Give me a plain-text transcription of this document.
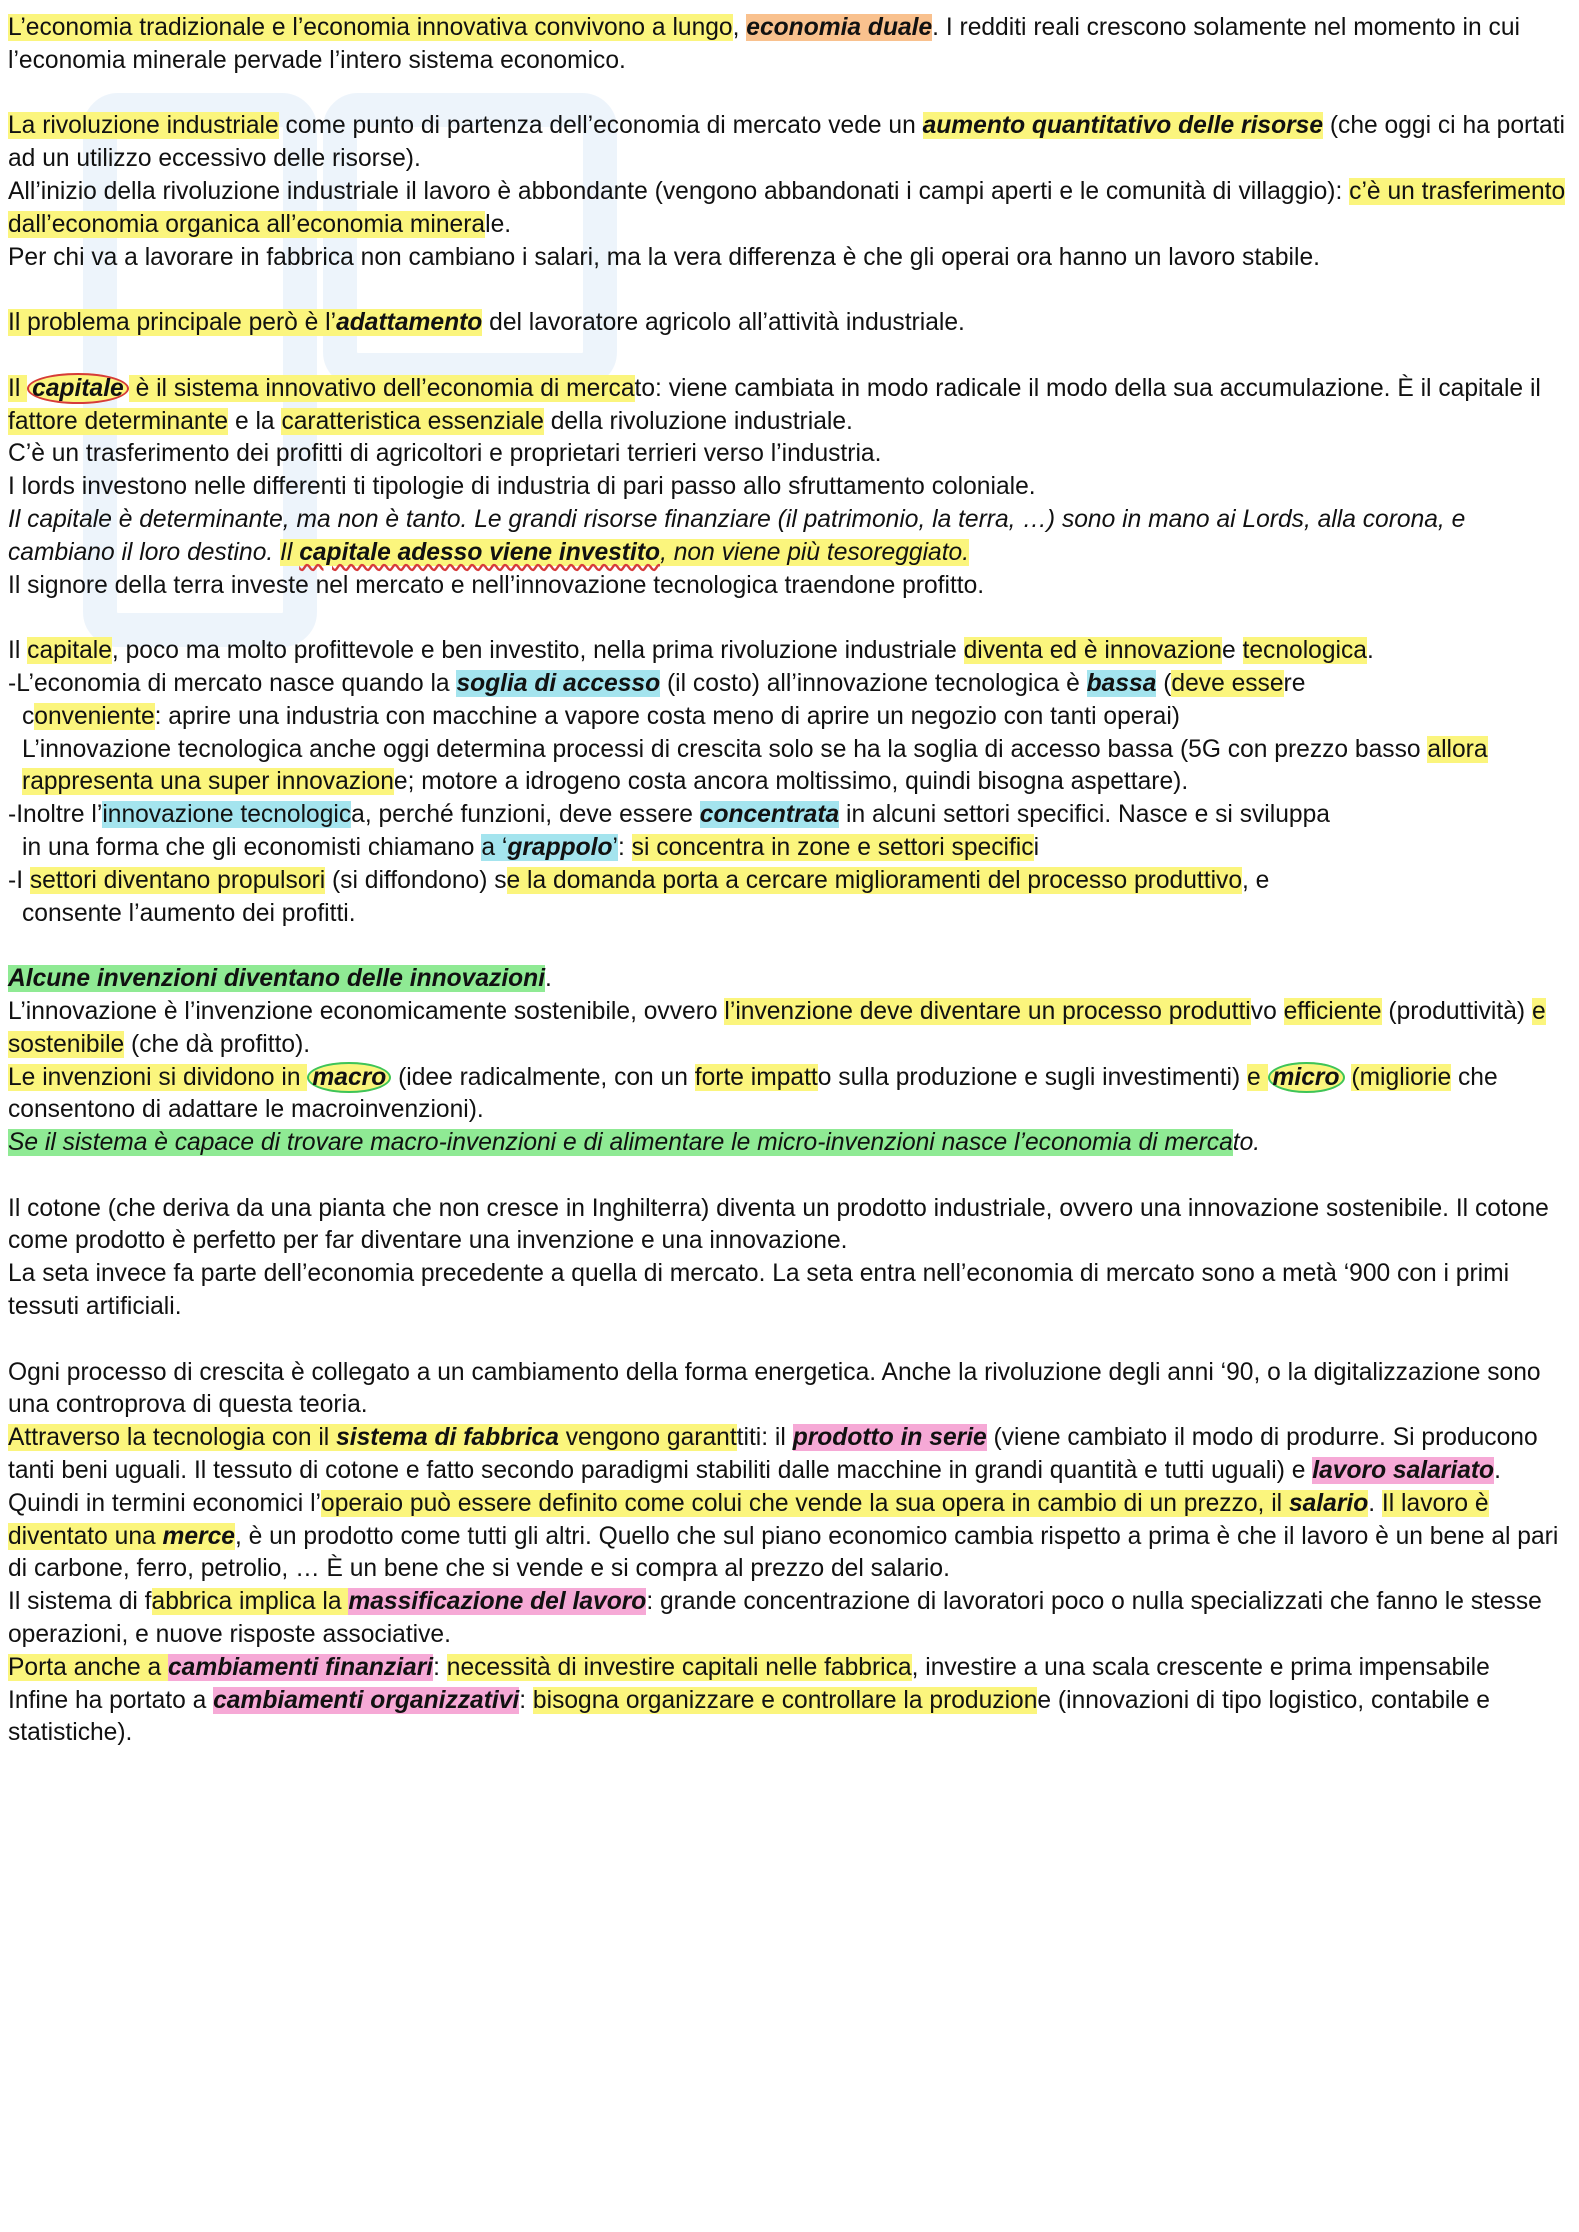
L’economia tradizionale e l’economia innovativa convivono a lungo, economia duale. I redditi reali crescono solamente nel momento in cui l’economia minerale pervade l’intero sistema economico.

La rivoluzione industriale come punto di partenza dell’economia di mercato vede un aumento quantitativo delle risorse (che oggi ci ha portati ad un utilizzo eccessivo delle risorse).

All’inizio della rivoluzione industriale il lavoro è abbondante (vengono abbandonati i campi aperti e le comunità di villaggio): c’è un trasferimento dall’economia organica all’economia minerale.

Per chi va a lavorare in fabbrica non cambiano i salari, ma la vera differenza è che gli operai ora hanno un lavoro stabile.

Il problema principale però è l’adattamento del lavoratore agricolo all’attività industriale.

Il capitale è il sistema innovativo dell’economia di mercato: viene cambiata in modo radicale il modo della sua accumulazione. È il capitale il fattore determinante e la caratteristica essenziale della rivoluzione industriale.

C’è un trasferimento dei profitti di agricoltori e proprietari terrieri verso l’industria.

I lords investono nelle differenti ti tipologie di industria di pari passo allo sfruttamento coloniale.

Il capitale è determinante, ma non è tanto. Le grandi risorse finanziare (il patrimonio, la terra, …) sono in mano ai Lords, alla corona, e cambiano il loro destino. Il capitale adesso viene investito, non viene più tesoreggiato.

Il signore della terra investe nel mercato e nell’innovazione tecnologica traendone profitto.

Il capitale, poco ma molto profittevole e ben investito, nella prima rivoluzione industriale diventa ed è innovazione tecnologica.

-L’economia di mercato nasce quando la soglia di accesso (il costo) all’innovazione tecnologica è bassa (deve essere

conveniente: aprire una industria con macchine a vapore costa meno di aprire un negozio con tanti operai)

L’innovazione tecnologica anche oggi determina processi di crescita solo se ha la soglia di accesso bassa (5G con prezzo basso allora rappresenta una super innovazione; motore a idrogeno costa ancora moltissimo, quindi bisogna aspettare).

-Inoltre l’innovazione tecnologica, perché funzioni, deve essere concentrata in alcuni settori specifici. Nasce e si sviluppa

in una forma che gli economisti chiamano a ‘grappolo’: si concentra in zone e settori specifici

-I settori diventano propulsori (si diffondono) se la domanda porta a cercare miglioramenti del processo produttivo, e

consente l’aumento dei profitti.

Alcune invenzioni diventano delle innovazioni.

L’innovazione è l’invenzione economicamente sostenibile, ovvero l’invenzione deve diventare un processo produttivo efficiente (produttività) e sostenibile (che dà profitto).

Le invenzioni si dividono in macro (idee radicalmente, con un forte impatto sulla produzione e sugli investimenti) e micro (migliorie che consentono di adattare le macroinvenzioni).

Se il sistema è capace di trovare macro-invenzioni e di alimentare le micro-invenzioni nasce l’economia di mercato.

Il cotone (che deriva da una pianta che non cresce in Inghilterra) diventa un prodotto industriale, ovvero una innovazione sostenibile. Il cotone come prodotto è perfetto per far diventare una invenzione e una innovazione.

La seta invece fa parte dell’economia precedente a quella di mercato. La seta entra nell’economia di mercato sono a metà ‘900 con i primi tessuti artificiali.

Ogni processo di crescita è collegato a un cambiamento della forma energetica. Anche la rivoluzione degli anni ‘90, o la digitalizzazione sono una controprova di questa teoria.

Attraverso la tecnologia con il sistema di fabbrica vengono garanttiti: il prodotto in serie (viene cambiato il modo di produrre. Si producono tanti beni uguali. Il tessuto di cotone e fatto secondo paradigmi stabiliti dalle macchine in grandi quantità e tutti uguali) e lavoro salariato.

Quindi in termini economici l’operaio può essere definito come colui che vende la sua opera in cambio di un prezzo, il salario. Il lavoro è diventato una merce, è un prodotto come tutti gli altri. Quello che sul piano economico cambia rispetto a prima è che il lavoro è un bene al pari di carbone, ferro, petrolio, … È un bene che si vende e si compra al prezzo del salario.

Il sistema di fabbrica implica la massificazione del lavoro: grande concentrazione di lavoratori poco o nulla specializzati che fanno le stesse operazioni, e nuove risposte associative.

Porta anche a cambiamenti finanziari: necessità di investire capitali nelle fabbrica, investire a una scala crescente e prima impensabile

Infine ha portato a cambiamenti organizzativi: bisogna organizzare e controllare la produzione (innovazioni di tipo logistico, contabile e statistiche).
